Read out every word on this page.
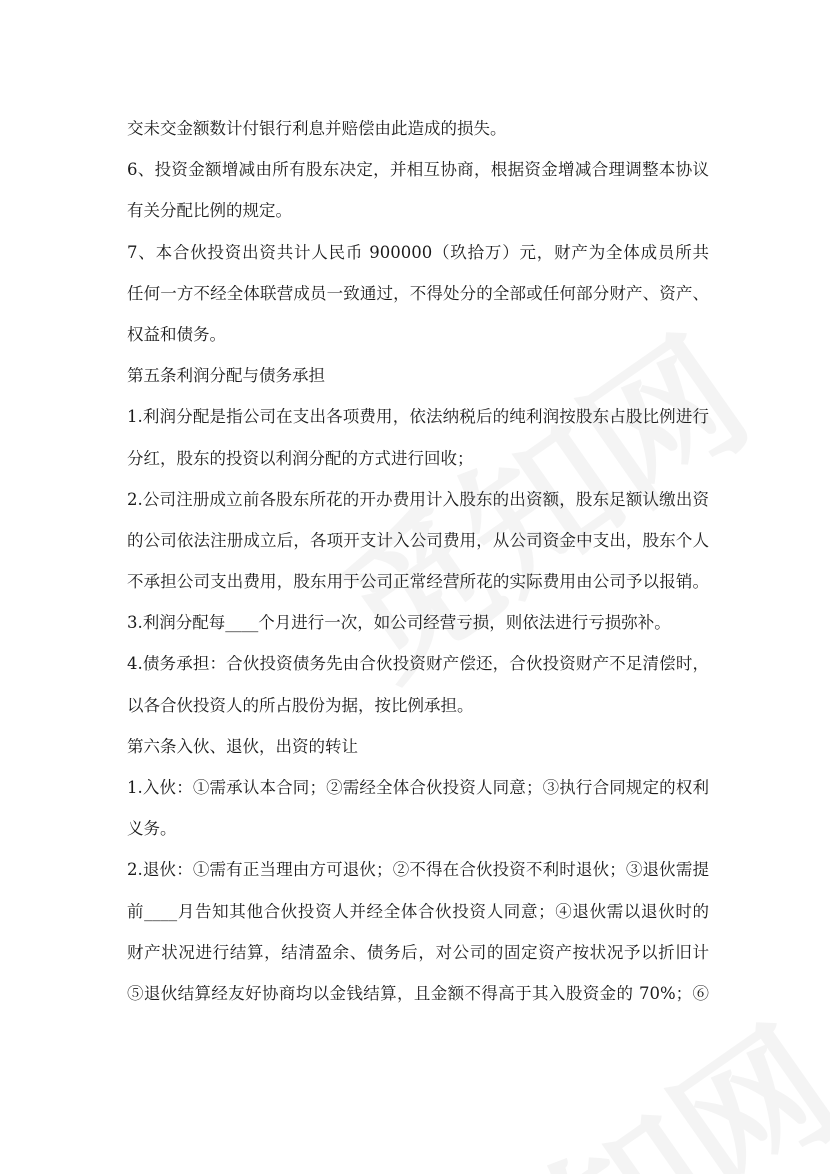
交未交金额数计付银行利息并赔偿由此造成的损失。
6、投资金额增减由所有股东决定，并相互协商，根据资金增减合理调整本协议
有关分配比例的规定。
7、本合伙投资出资共计人民币 900000（玖拾万）元，财产为全体成员所共
任何一方不经全体联营成员一致通过，不得处分的全部或任何部分财产、资产、
权益和债务。
第五条利润分配与债务承担
1.利润分配是指公司在支出各项费用，依法纳税后的纯利润按股东占股比例进行
分红，股东的投资以利润分配的方式进行回收；
2.公司注册成立前各股东所花的开办费用计入股东的出资额，股东足额认缴出资
的公司依法注册成立后，各项开支计入公司费用，从公司资金中支出，股东个人
不承担公司支出费用，股东用于公司正常经营所花的实际费用由公司予以报销。
3.利润分配每____个月进行一次，如公司经营亏损，则依法进行亏损弥补。
4.债务承担：合伙投资债务先由合伙投资财产偿还，合伙投资财产不足清偿时，
以各合伙投资人的所占股份为据，按比例承担。
第六条入伙、退伙，出资的转让
1.入伙：①需承认本合同；②需经全体合伙投资人同意；③执行合同规定的权利
义务。
2.退伙：①需有正当理由方可退伙；②不得在合伙投资不利时退伙；③退伙需提
前____月告知其他合伙投资人并经全体合伙投资人同意；④退伙需以退伙时的
财产状况进行结算，结清盈余、债务后，对公司的固定资产按状况予以折旧计
⑤退伙结算经友好协商均以金钱结算，且金额不得高于其入股资金的 70%；⑥
